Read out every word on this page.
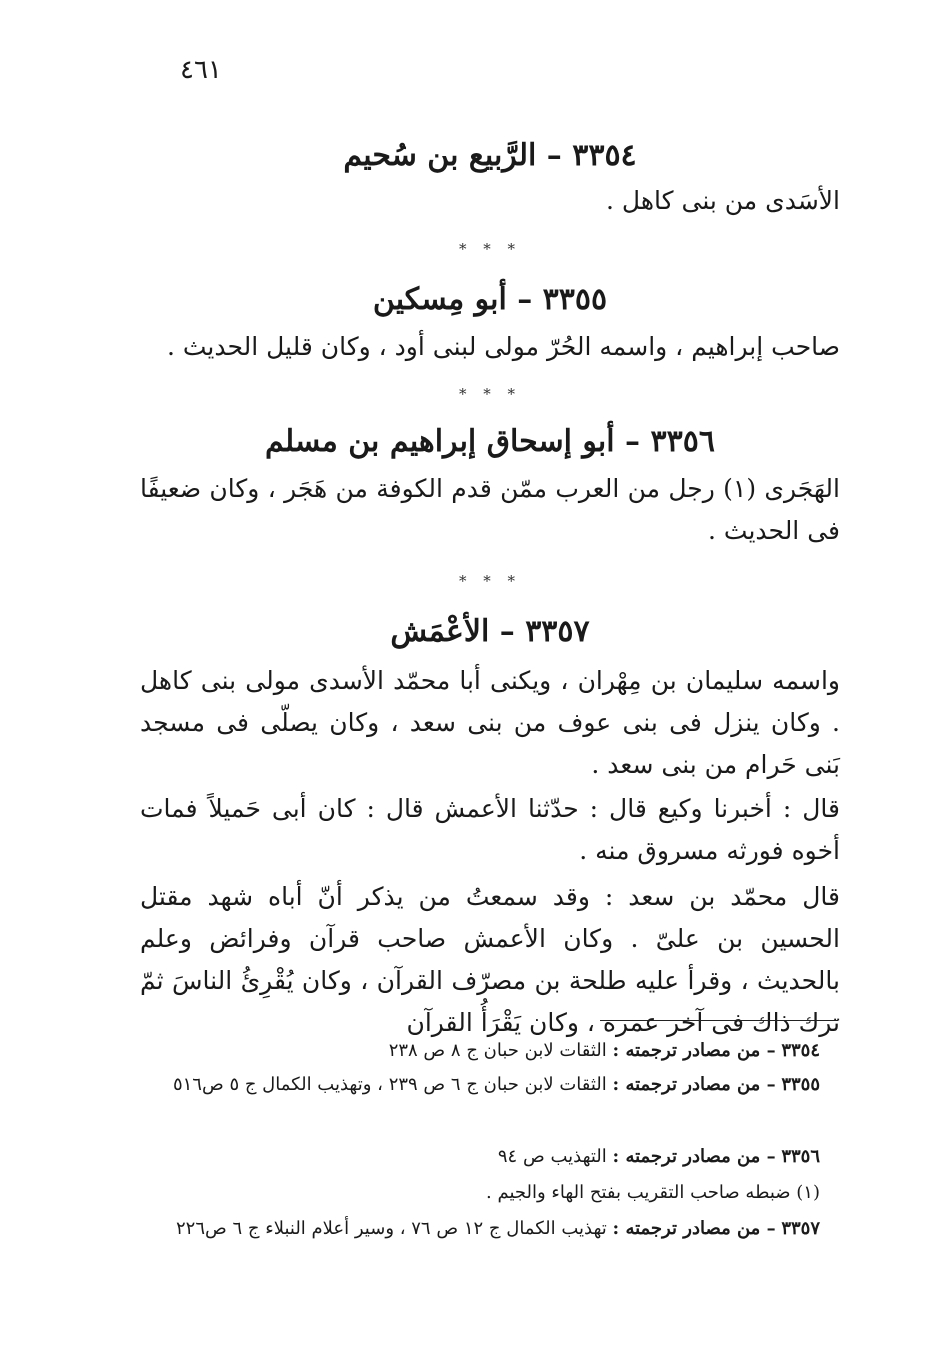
٤٦١
٣٣٥٤ – الرَّبيع بن سُحيم
الأسَدى من بنى كاهل .
* * *
٣٣٥٥ – أبو مِسكين
صاحب إبراهيم ، واسمه الحُرّ مولى لبنى أود ، وكان قليل الحديث .
* * *
٣٣٥٦ – أبو إسحاق إبراهيم بن مسلم
الهَجَرى (١) رجل من العرب ممّن قدم الكوفة من هَجَر ، وكان ضعيفًا فى الحديث .
* * *
٣٣٥٧ – الأعْمَش
واسمه سليمان بن مِهْران ، ويكنى أبا محمّد الأسدى مولى بنى كاهل . وكان ينزل فى بنى عوف من بنى سعد ، وكان يصلّى فى مسجد بَنى حَرام من بنى سعد .
قال : أخبرنا وكيع قال : حدّثنا الأعمش قال : كان أبى حَميلاً فمات أخوه فورثه مسروق منه .
قال محمّد بن سعد : وقد سمعتُ من يذكر أنّ أباه شهد مقتل الحسين بن علىّ . وكان الأعمش صاحب قرآن وفرائض وعلم بالحديث ، وقرأ عليه طلحة بن مصرّف القرآن ، وكان يُقْرِئُ الناسَ ثمّ ترك ذاك فى آخر عمره ، وكان يَقْرَأُ القرآن
٣٣٥٤ – من مصادر ترجمته : الثقات لابن حبان ج ٨ ص ٢٣٨
٣٣٥٥ – من مصادر ترجمته : الثقات لابن حبان ج ٦ ص ٢٣٩ ، وتهذيب الكمال ج ٥ ص٥١٦
٣٣٥٦ – من مصادر ترجمته : التهذيب ص ٩٤
(١) ضبطه صاحب التقريب بفتح الهاء والجيم .
٣٣٥٧ – من مصادر ترجمته : تهذيب الكمال ج ١٢ ص ٧٦ ، وسير أعلام النبلاء ج ٦ ص٢٢٦
